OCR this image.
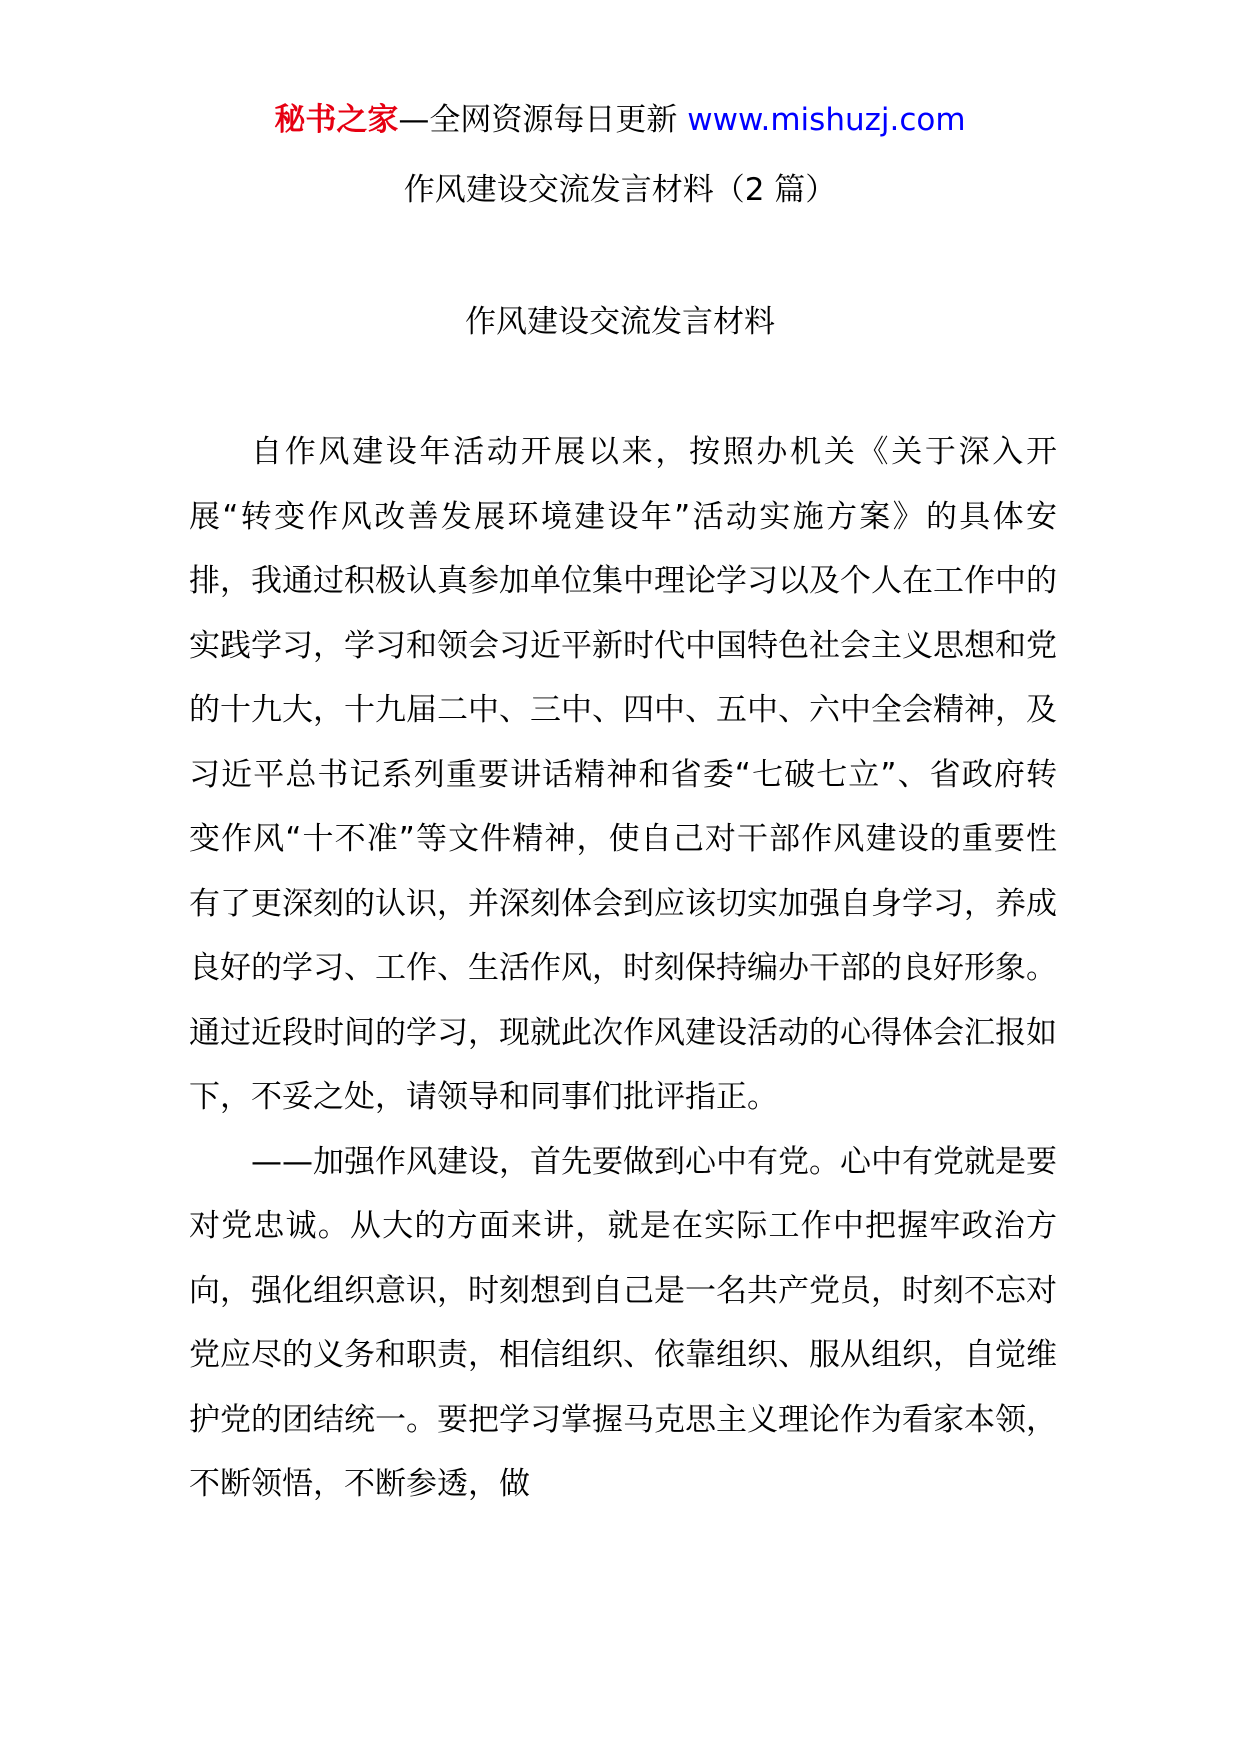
秘书之家—全网资源每日更新 www.mishuzj.com
作风建设交流发言材料（2 篇）
作风建设交流发言材料

自作风建设年活动开展以来，按照办机关《关于深入开展“转变作风改善发展环境建设年”活动实施方案》的具体安排，我通过积极认真参加单位集中理论学习以及个人在工作中的实践学习，学习和领会习近平新时代中国特色社会主义思想和党的十九大，十九届二中、三中、四中、五中、六中全会精神，及习近平总书记系列重要讲话精神和省委“七破七立”、省政府转变作风“十不准”等文件精神，使自己对干部作风建设的重要性有了更深刻的认识，并深刻体会到应该切实加强自身学习，养成良好的学习、工作、生活作风，时刻保持编办干部的良好形象。通过近段时间的学习，现就此次作风建设活动的心得体会汇报如下，不妥之处，请领导和同事们批评指正。

——加强作风建设，首先要做到心中有党。心中有党就是要对党忠诚。从大的方面来讲，就是在实际工作中把握牢政治方向，强化组织意识，时刻想到自己是一名共产党员，时刻不忘对党应尽的义务和职责，相信组织、依靠组织、服从组织，自觉维护党的团结统一。要把学习掌握马克思主义理论作为看家本领，不断领悟，不断参透，做
